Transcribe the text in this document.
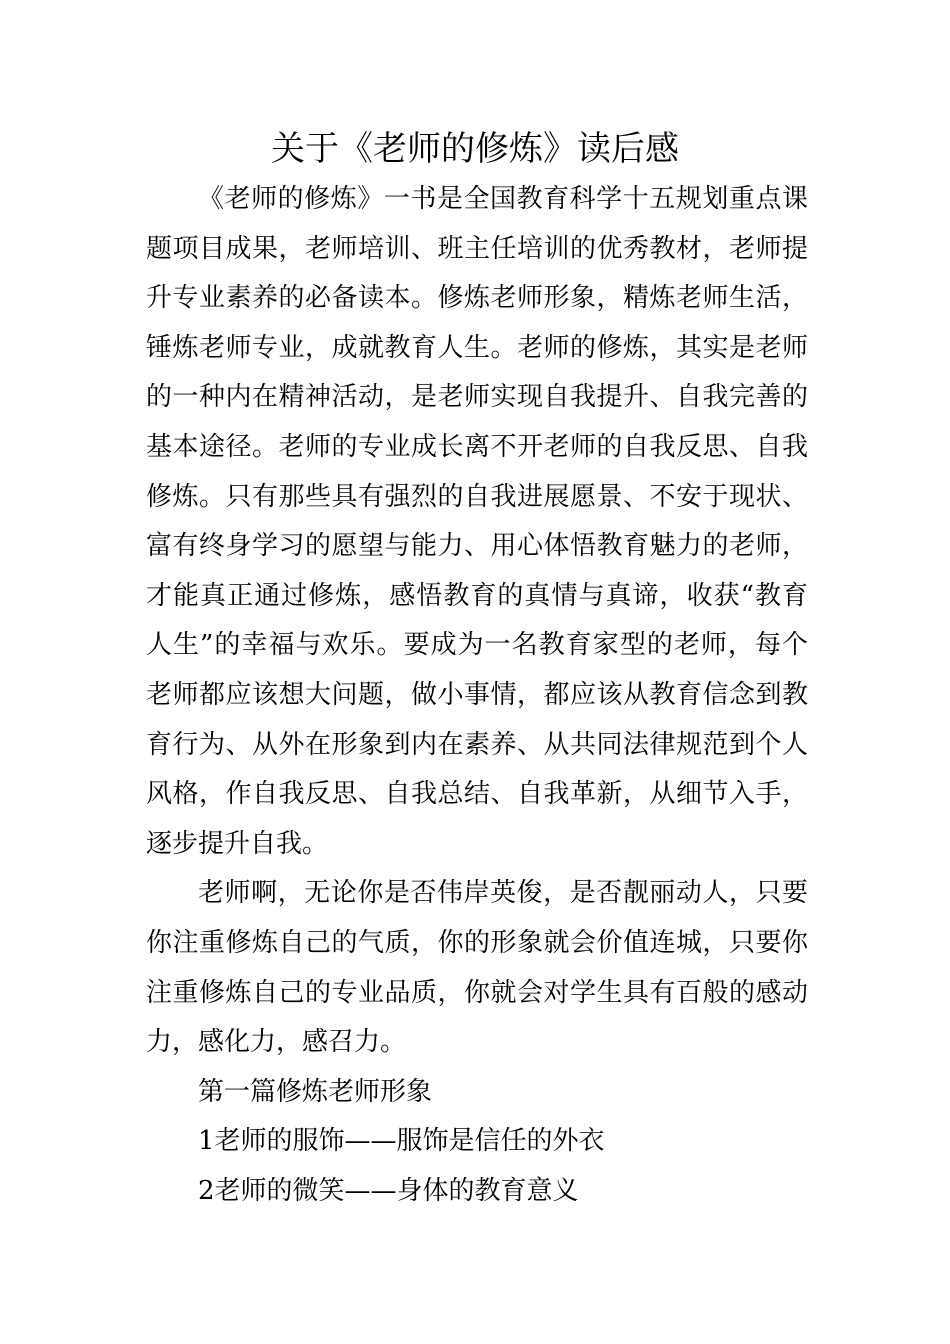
关于《老师的修炼》读后感

《老师的修炼》一书是全国教育科学十五规划重点课题项目成果，老师培训、班主任培训的优秀教材，老师提升专业素养的必备读本。修炼老师形象，精炼老师生活，锤炼老师专业，成就教育人生。老师的修炼，其实是老师的一种内在精神活动，是老师实现自我提升、自我完善的基本途径。老师的专业成长离不开老师的自我反思、自我修炼。只有那些具有强烈的自我进展愿景、不安于现状、富有终身学习的愿望与能力、用心体悟教育魅力的老师，才能真正通过修炼，感悟教育的真情与真谛，收获“教育人生”的幸福与欢乐。要成为一名教育家型的老师，每个老师都应该想大问题，做小事情，都应该从教育信念到教育行为、从外在形象到内在素养、从共同法律规范到个人风格，作自我反思、自我总结、自我革新，从细节入手，逐步提升自我。

老师啊，无论你是否伟岸英俊，是否靓丽动人，只要你注重修炼自己的气质，你的形象就会价值连城，只要你注重修炼自己的专业品质，你就会对学生具有百般的感动力，感化力，感召力。

第一篇修炼老师形象

1老师的服饰——服饰是信任的外衣

2老师的微笑——身体的教育意义
